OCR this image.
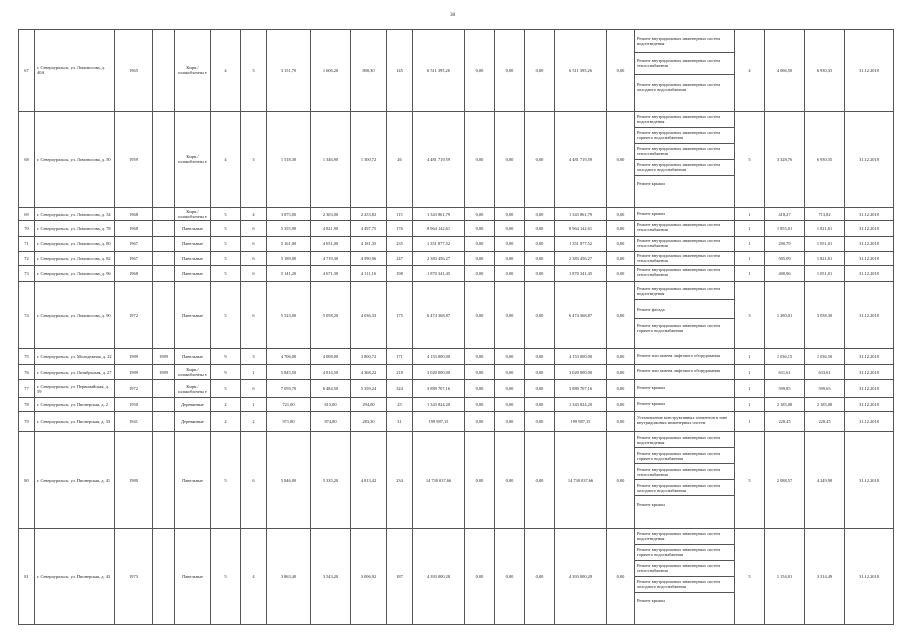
38
67	г. Североуральск, ул. Ломоносова, д. 40А	1965		Кирп./ шлакоблочны е	4	3	3 151,70	1 606,20	800,30	145	6 511 395,26	0,00	0,00	0,00	6 511 395,26	0,00	Ремонт внутридомовых инженерных систем водоотведения
Ремонт внутридомовых инженерных систем теплоснабжения
Ремонт внутридомовых инженерных систем холодного водоснабжения	4	4 066,50	6 930,35	31.12.2018
68	г. Североуральск, ул. Ломоносова, д. 50	1959		Кирп./ шлакоблочны е	4	3	1 518,30	1 346,90	1 300,72	26	4 481 719,59	0,00	0,00	0,00	4 481 719,59	0,00	Ремонт внутридомовых инженерных систем водоотведения
Ремонт внутридомовых инженерных систем горячего водоснабжения
Ремонт внутридомовых инженерных систем теплоснабжения
Ремонт внутридомовых инженерных систем холодного водоснабжения
Ремонт крыши	5	3 328,76	6 930,35	31.12.2018
69	г. Североуральск, ул. Ломоносова, д. 54	1968		Кирп./ шлакоблочны е	5	4	3 875,00	2 303,00	2 253,82	115	1 343 861,79	0,00	0,00	0,00	1 343 861,79	0,00	Ремонт крыши	1	418,27	713,82	31.12.2018
70	г. Североуральск, ул. Ломоносова, д. 78	1968		Панельные	5	6	5 355,90	4 821,90	4 497,75	176	8 964 142,61	0,00	0,00	0,00	8 964 142,61	0,00	Ремонт внутридомовых инженерных систем теплоснабжения	1	1 855,01	1 821,61	31.12.2018
71	г. Североуральск, ул. Ломоносова, д. 80	1967		Панельные	5	6	5 161,00	4 651,00	4 181,35	235	1 351 877,52	0,00	0,00	0,00	1 351 877,52	0,00	Ремонт внутридомовых инженерных систем теплоснабжения	1	290,79	1 051,01	31.12.2018
72	г. Североуральск, ул. Ломоносова, д. 82	1967		Панельные	5	6	5 189,00	4 719,30	4 590,96	247	2 383 456,27	0,00	0,00	0,00	2 383 456,27	0,00	Ремонт внутридомовых инженерных систем теплоснабжения	1	505,09	1 821,61	31.12.2018
73	г. Североуральск, ул. Ломоносова, д. 96	1968		Панельные	5	6	5 141,20	4 671,30	4 111,16	198	1 870 341,45	0,00	0,00	0,00	1 870 341,45	0,00	Ремонт внутридомовых инженерных систем теплоснабжения	1	400,96	1 051,01	31.12.2018
74	г. Североуральск, ул. Ломоносова, д. 90	1972		Панельные	5	6	5 523,00	5 058,20	4 036,33	175	6 474 368,87	0,00	0,00	0,00	6 474 368,87	0,00	Ремонт внутридомовых инженерных систем водоотведения
Ремонт фасада
Ремонт внутридомовых инженерных систем горячего водоснабжения	3	1 280,01	3 038,30	31.12.2018
75	г. Североуральск, ул. Молодежная, д. 22	1989	1989	Панельные	9	3	4 706,00	4 008,00	3 800,72	171	4 153 000,00	0,00	0,00	0,00	4 153 000,00	0,00	Ремонт или замена лифтового оборудования	1	1 036,15	1 036,50	31.12.2018
76	г. Североуральск, ул. Октябрьская, д. 27	1989	1989	Кирп./ шлакоблочны е	9	1	5 845,50	4 814,50	4 368,22	218	3 020 000,00	0,00	0,00	0,00	3 020 000,00	0,00	Ремонт или замена лифтового оборудования	1	631,61	633,61	31.12.2018
77	г. Североуральск, ул. Первомайская, д. 59	1972		Кирп./ шлакоблочны е	5	6	7 059,70	6 484,50	5 359,24	324	3 889 707,16	0,00	0,00	0,00	3 889 707,16	0,00	Ремонт крыши	1	599,85	599,65	31.12.2018
78	г. Североуральск, ул. Пионерская, д. 2	1950		Деревянные	2	1	721,00	615,00	294,00	25	1 343 824,20	0,00	0,00	0,00	1 343 824,20	0,00	Ремонт крыши	1	2 185,08	2 185,08	31.12.2018
79	г. Североуральск, ул. Пионерская, д. 33	1941		Деревянные	2	2	971,80	874,80	283,30	31	199 987,15	0,00	0,00	0,00	199 987,15	0,00	Установление конструктивных элементов в зоне внутридомовых инженерных систем	1	228,45	228,45	31.12.2018
80	г. Североуральск, ул. Пионерская, д. 41	1980		Панельные	5	6	5 846,00	5 335,20	4 813,42	234	14 730 037,66	0,00	0,00	0,00	14 730 037,66	0,00	Ремонт внутридомовых инженерных систем водоотведения
Ремонт внутридомовых инженерных систем горячего водоснабжения
Ремонт внутридомовых инженерных систем теплоснабжения
Ремонт внутридомовых инженерных систем холодного водоснабжения
Ремонт крыши	5	2 088,57	4 249,98	31.12.2018
81	г. Североуральск, ул. Пионерская, д. 43	1973		Панельные	5	4	3 863,40	3 543,20	3 006,92	187	4 393 000,28	0,00	0,00	0,00	4 393 000,28	0,00	Ремонт внутридомовых инженерных систем водоотведения
Ремонт внутридомовых инженерных систем горячего водоснабжения
Ремонт внутридомовых инженерных систем теплоснабжения
Ремонт внутридомовых инженерных систем холодного водоснабжения
Ремонт крыши	5	1 154,01	3 314,49	31.12.2018
